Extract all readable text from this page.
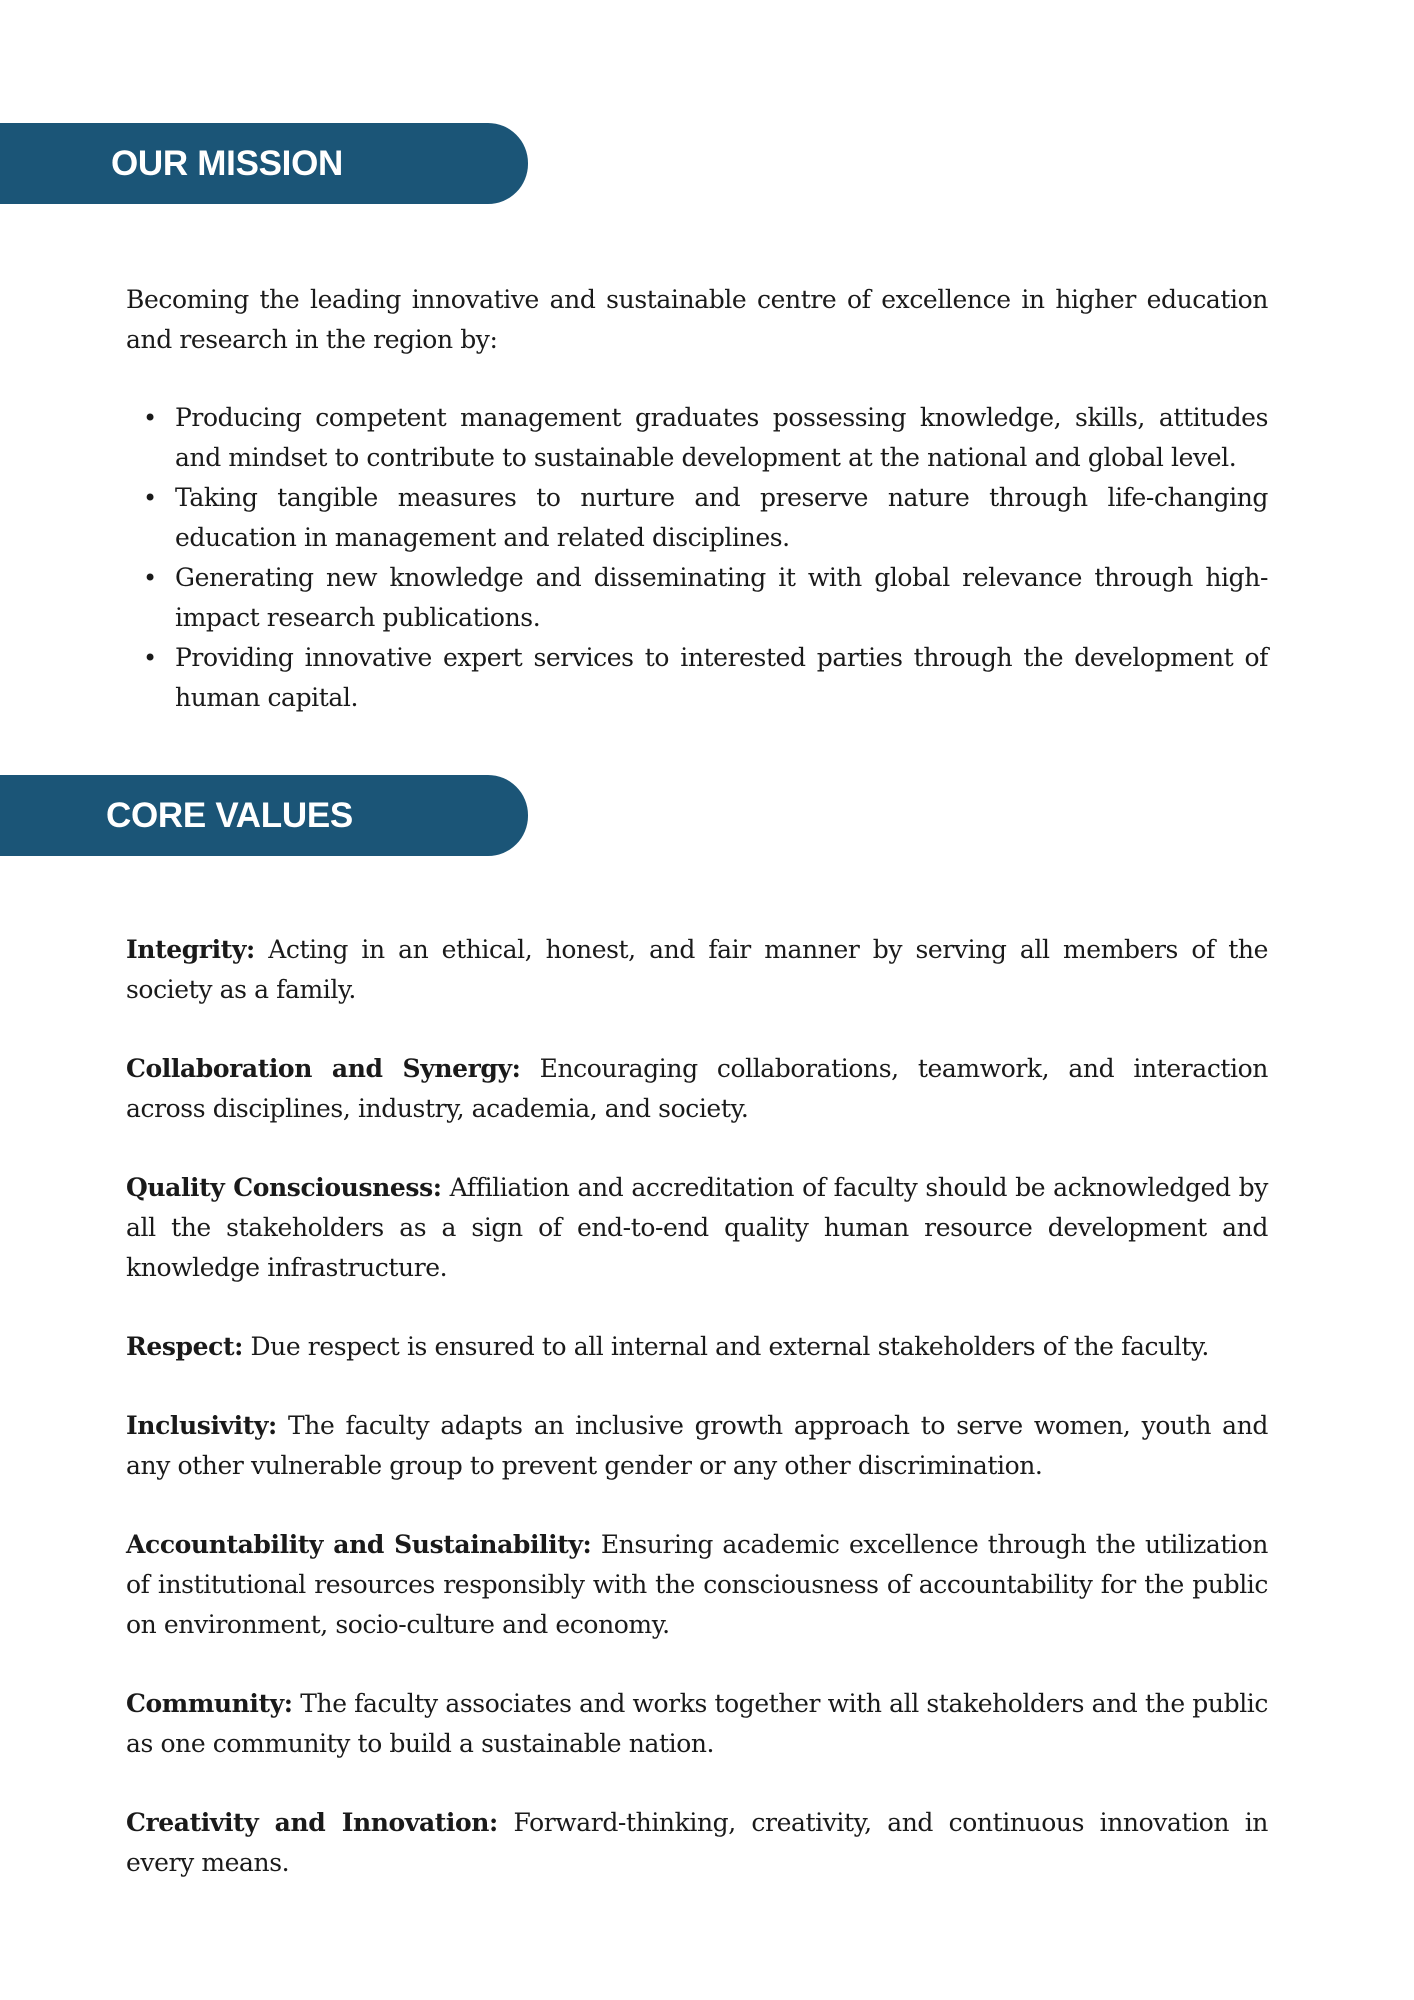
OUR MISSION

Becoming the leading innovative and sustainable centre of excellence in higher education and research in the region by:

• Producing competent management graduates possessing knowledge, skills, attitudes and mindset to contribute to sustainable development at the national and global level.
• Taking tangible measures to nurture and preserve nature through life-changing education in management and related disciplines.
• Generating new knowledge and disseminating it with global relevance through high-impact research publications.
• Providing innovative expert services to interested parties through the development of human capital.
CORE VALUES

Integrity: Acting in an ethical, honest, and fair manner by serving all members of the society as a family.

Collaboration and Synergy: Encouraging collaborations, teamwork, and interaction across disciplines, industry, academia, and society.

Quality Consciousness: Affiliation and accreditation of faculty should be acknowledged by all the stakeholders as a sign of end-to-end quality human resource development and knowledge infrastructure.

Respect: Due respect is ensured to all internal and external stakeholders of the faculty.

Inclusivity: The faculty adapts an inclusive growth approach to serve women, youth and any other vulnerable group to prevent gender or any other discrimination.

Accountability and Sustainability: Ensuring academic excellence through the utilization of institutional resources responsibly with the consciousness of accountability for the public on environment, socio-culture and economy.

Community: The faculty associates and works together with all stakeholders and the public as one community to build a sustainable nation.

Creativity and Innovation: Forward-thinking, creativity, and continuous innovation in every means.
